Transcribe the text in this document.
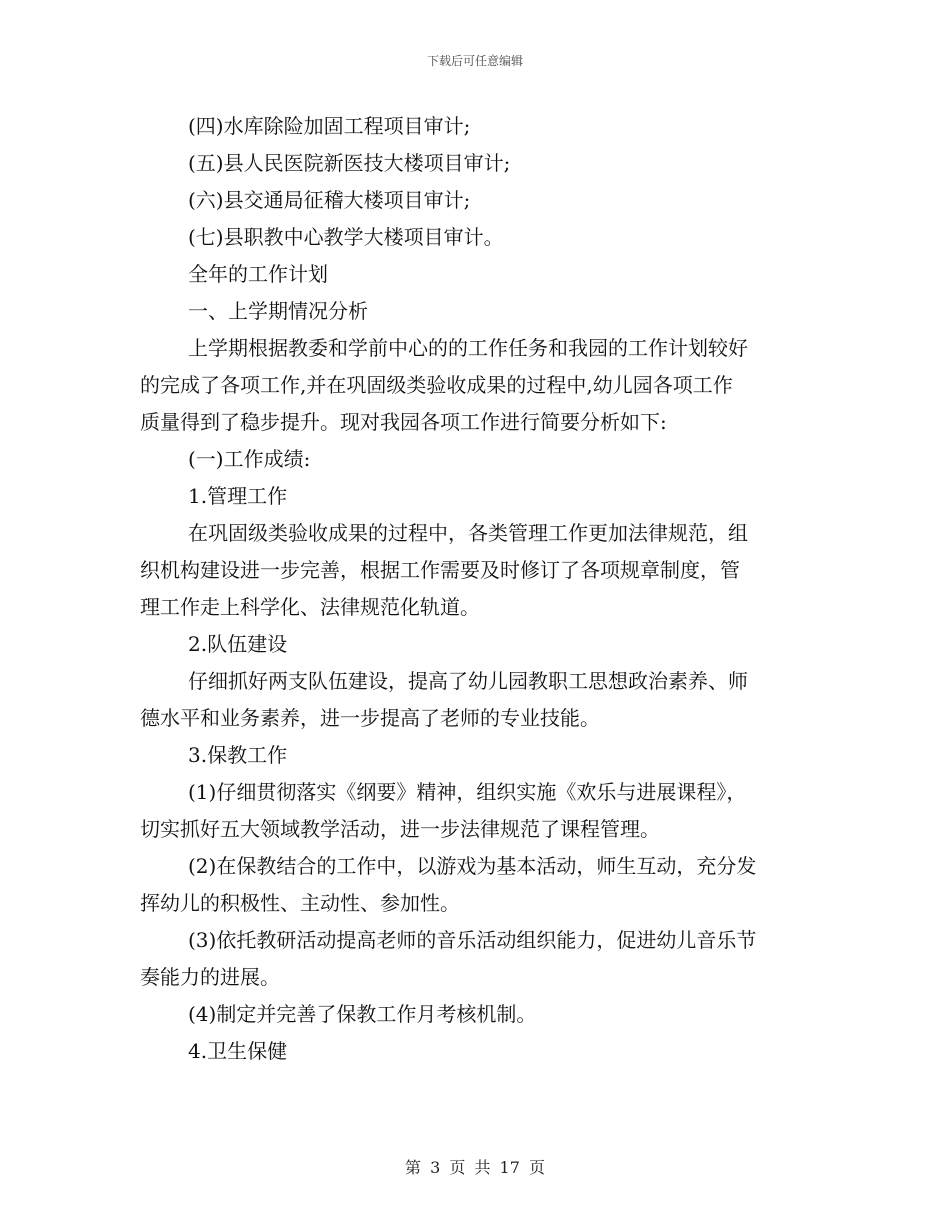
下载后可任意编辑
(四)水库除险加固工程项目审计;
(五)县人民医院新医技大楼项目审计;
(六)县交通局征稽大楼项目审计;
(七)县职教中心教学大楼项目审计。
全年的工作计划
一、上学期情况分析
上学期根据教委和学前中心的的工作任务和我园的工作计划较好
的完成了各项工作,并在巩固级类验收成果的过程中,幼儿园各项工作
质量得到了稳步提升。现对我园各项工作进行简要分析如下:
(一)工作成绩:
1.管理工作
在巩固级类验收成果的过程中，各类管理工作更加法律规范，组
织机构建设进一步完善，根据工作需要及时修订了各项规章制度，管
理工作走上科学化、法律规范化轨道。
2.队伍建设
仔细抓好两支队伍建设，提高了幼儿园教职工思想政治素养、师
德水平和业务素养，进一步提高了老师的专业技能。
3.保教工作
(1)仔细贯彻落实《纲要》精神，组织实施《欢乐与进展课程》，
切实抓好五大领域教学活动，进一步法律规范了课程管理。
(2)在保教结合的工作中，以游戏为基本活动，师生互动，充分发
挥幼儿的积极性、主动性、参加性。
(3)依托教研活动提高老师的音乐活动组织能力，促进幼儿音乐节
奏能力的进展。
(4)制定并完善了保教工作月考核机制。
4.卫生保健
第 3 页 共 17 页
